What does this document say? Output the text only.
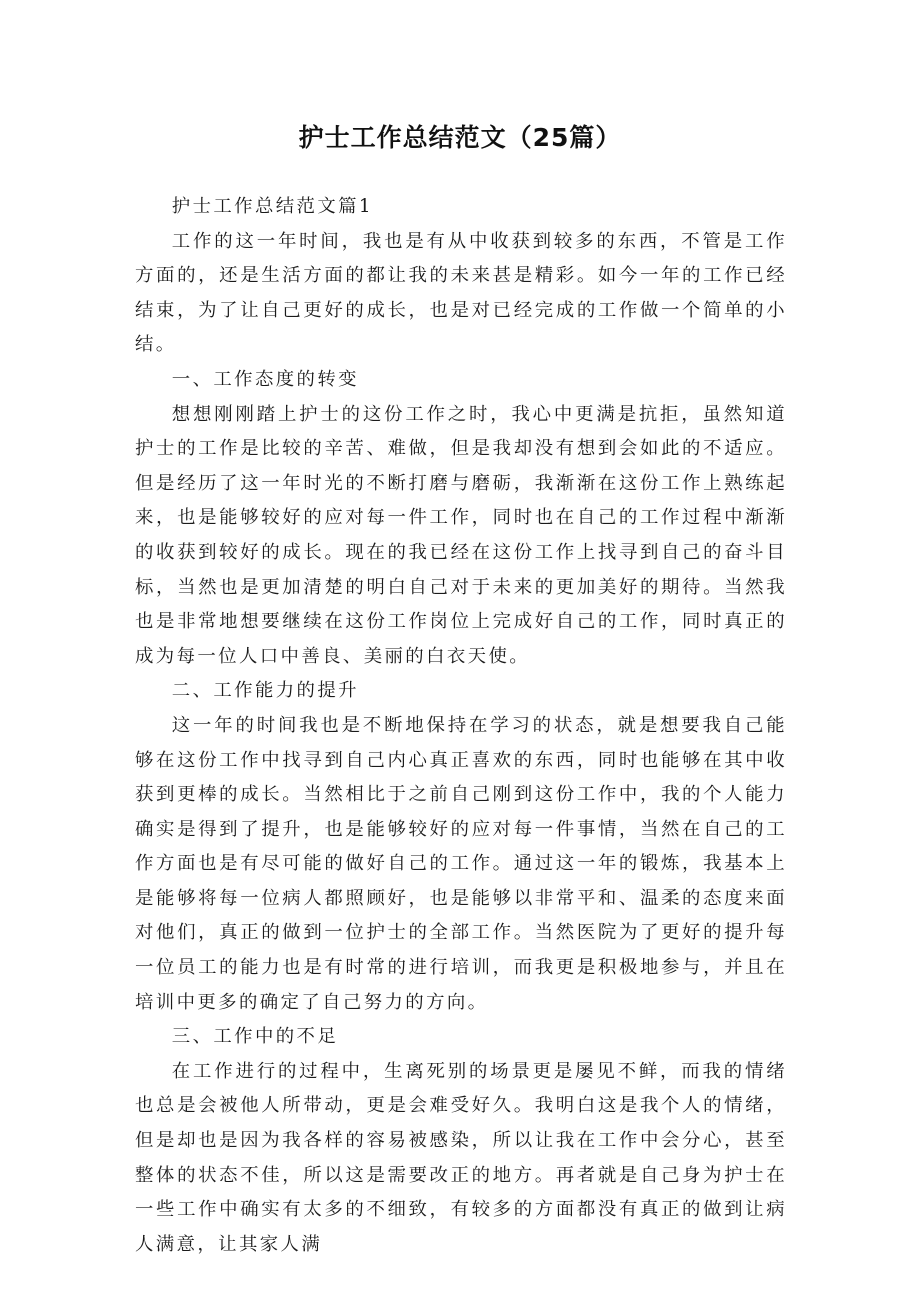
护士工作总结范文（25篇）

护士工作总结范文篇1

工作的这一年时间，我也是有从中收获到较多的东西，不管是工作方面的，还是生活方面的都让我的未来甚是精彩。如今一年的工作已经结束，为了让自己更好的成长，也是对已经完成的工作做一个简单的小结。

一、工作态度的转变

想想刚刚踏上护士的这份工作之时，我心中更满是抗拒，虽然知道护士的工作是比较的辛苦、难做，但是我却没有想到会如此的不适应。但是经历了这一年时光的不断打磨与磨砺，我渐渐在这份工作上熟练起来，也是能够较好的应对每一件工作，同时也在自己的工作过程中渐渐的收获到较好的成长。现在的我已经在这份工作上找寻到自己的奋斗目标，当然也是更加清楚的明白自己对于未来的更加美好的期待。当然我也是非常地想要继续在这份工作岗位上完成好自己的工作，同时真正的成为每一位人口中善良、美丽的白衣天使。

二、工作能力的提升

这一年的时间我也是不断地保持在学习的状态，就是想要我自己能够在这份工作中找寻到自己内心真正喜欢的东西，同时也能够在其中收获到更棒的成长。当然相比于之前自己刚到这份工作中，我的个人能力确实是得到了提升，也是能够较好的应对每一件事情，当然在自己的工作方面也是有尽可能的做好自己的工作。通过这一年的锻炼，我基本上是能够将每一位病人都照顾好，也是能够以非常平和、温柔的态度来面对他们，真正的做到一位护士的全部工作。当然医院为了更好的提升每一位员工的能力也是有时常的进行培训，而我更是积极地参与，并且在培训中更多的确定了自己努力的方向。

三、工作中的不足

在工作进行的过程中，生离死别的场景更是屡见不鲜，而我的情绪也总是会被他人所带动，更是会难受好久。我明白这是我个人的情绪，但是却也是因为我各样的容易被感染，所以让我在工作中会分心，甚至整体的状态不佳，所以这是需要改正的地方。再者就是自己身为护士在一些工作中确实有太多的不细致，有较多的方面都没有真正的做到让病人满意，让其家人满
